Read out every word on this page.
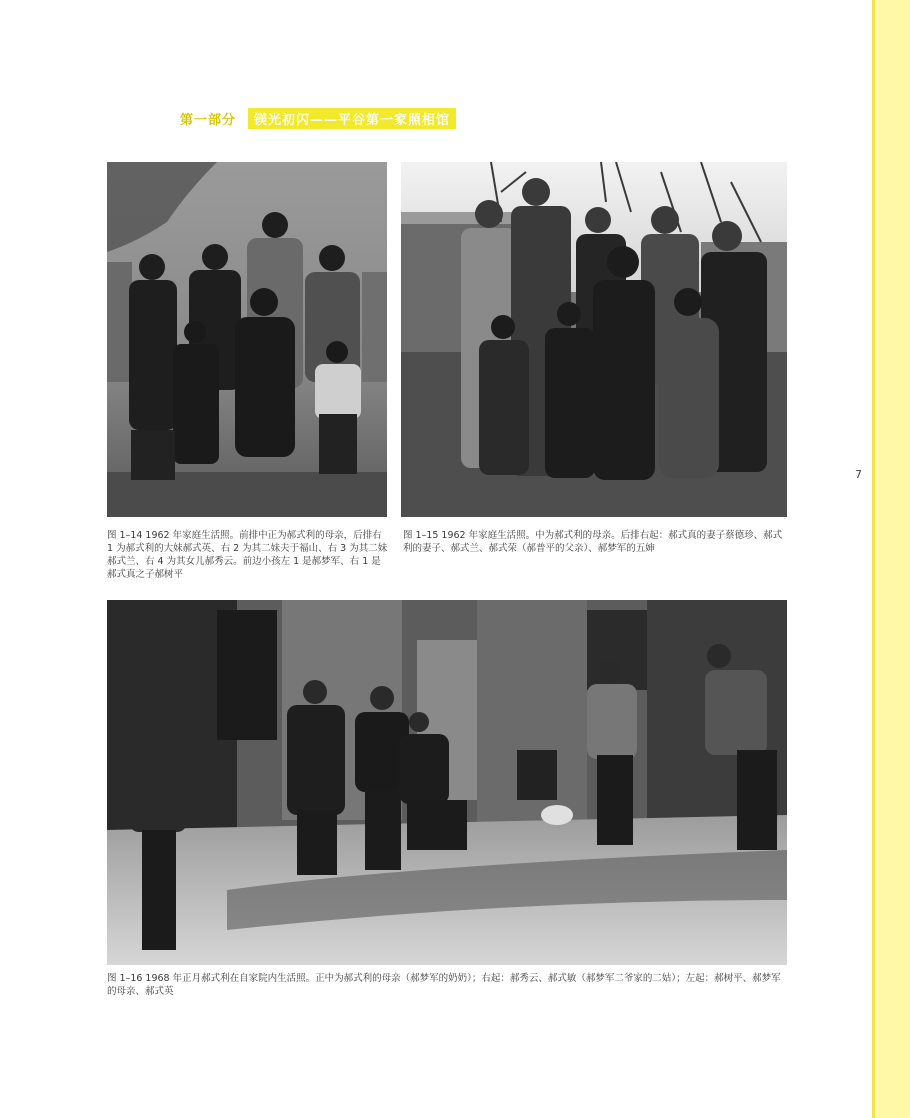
第一部分	镁光初闪——平谷第一家照相馆
7
图 1–14 1962 年家庭生活照。前排中正为郝式利的母亲，后排右 1 为郝式利的大妹郝式英、右 2 为其二妹夫于福山、右 3 为其二妹郝式兰、右 4 为其女儿郝秀云。前边小孩左 1 是郝梦军、右 1 是郝式真之子郝树平
图 1–15 1962 年家庭生活照。中为郝式利的母亲。后排右起：郝式真的妻子蔡德珍、郝式利的妻子、郝式兰、郝式荣（郝普平的父亲）、郝梦军的五婶
图 1–16 1968 年正月郝式利在自家院内生活照。正中为郝式利的母亲（郝梦军的奶奶）；右起：郝秀云、郝式敏（郝梦军二爷家的二姑）；左起：郝树平、郝梦军的母亲、郝式英
